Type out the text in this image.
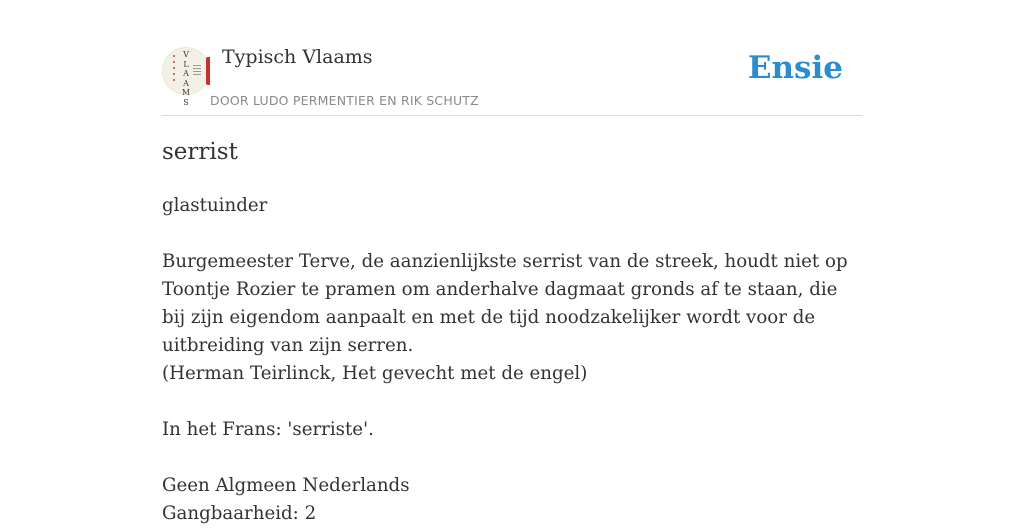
V
L
A
A
M
S
Typisch Vlaams
DOOR LUDO PERMENTIER EN RIK SCHUTZ
Ensie
serrist

glastuinder

Burgemeester Terve, de aanzienlijkste serrist van de streek, houdt niet op Toontje Rozier te pramen om anderhalve dagmaat gronds af te staan, die bij zijn eigendom aanpaalt en met de tijd noodzakelijker wordt voor de uitbreiding van zijn serren.

(Herman Teirlinck, Het gevecht met de engel)

In het Frans: 'serriste'.

Geen Algmeen Nederlands

Gangbaarheid: 2
